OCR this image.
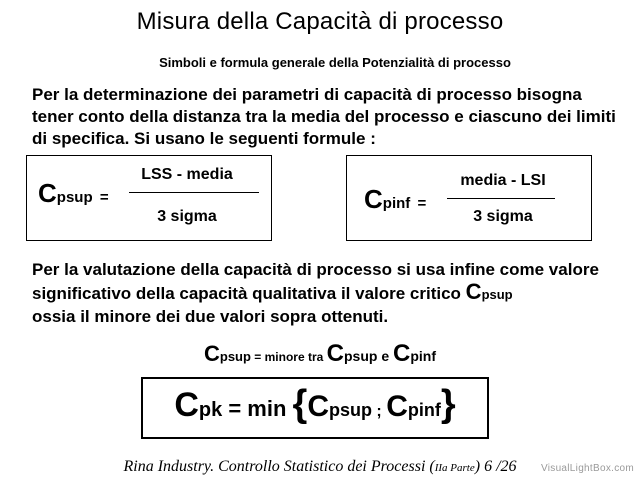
Misura della Capacità di processo
Simboli e formula generale della Potenzialità di processo
Per la determinazione dei parametri di capacità di processo bisogna tener conto della distanza tra la media del processo e ciascuno dei limiti di specifica. Si usano le seguenti formule :
Cpsup =
LSS - media
3 sigma
Cpinf =
media - LSI
3 sigma
Per la valutazione della capacità di processo si usa infine come valore significativo della capacità qualitativa il valore critico Cpsup
ossia il minore dei due valori sopra ottenuti.
Cpsup = minore tra Cpsup e Cpinf
Cpk = min {Cpsup ; Cpinf}
Rina Industry. Controllo Statistico dei Processi (IIa Parte) 6 /26	VisualLightBox.com
